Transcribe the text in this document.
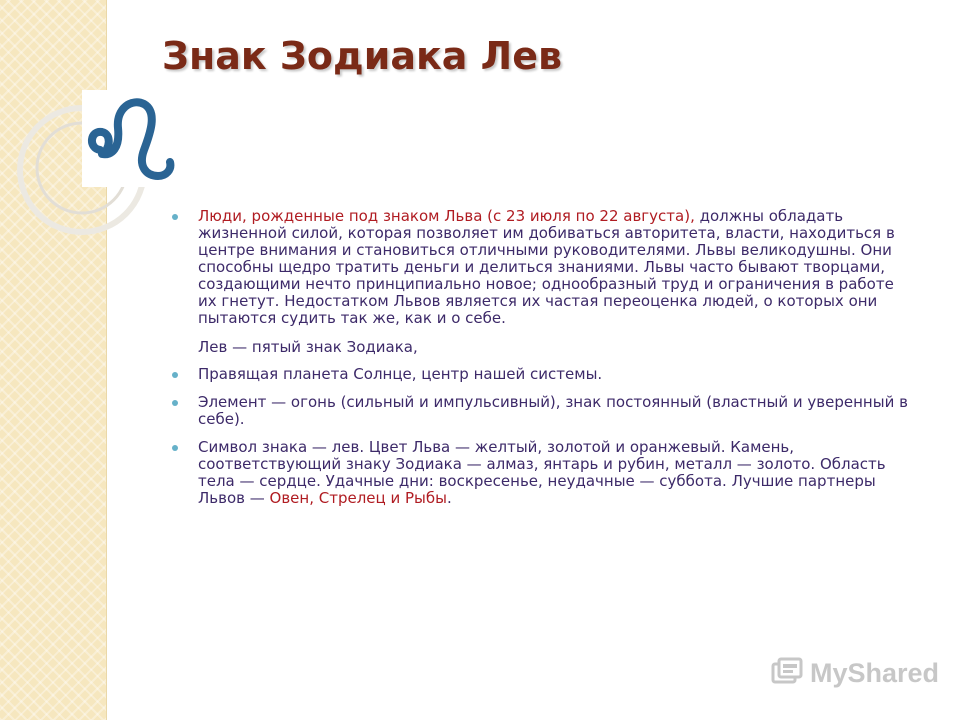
Знак Зодиака Лев
Люди, рожденные под знаком Льва (с 23 июля по 22 августа), должны обладать жизненной силой, которая позволяет им добиваться авторитета, власти, находиться в центре внимания и становиться отличными руководителями. Львы великодушны. Они способны щедро тратить деньги и делиться знаниями. Львы часто бывают творцами, создающими нечто принципиально новое; однообразный труд и ограничения в работе их гнетут. Недостатком Львов является их частая переоценка людей, о которых они пытаются судить так же, как и о себе.
Лев — пятый знак Зодиака,
Правящая планета Солнце, центр нашей системы.
Элемент — огонь (сильный и импульсивный), знак постоянный (властный и уверенный в себе).
Символ знака — лев. Цвет Льва — желтый, золотой и оранжевый. Камень, соответствующий знаку Зодиака — алмаз, янтарь и рубин, металл — золото. Область тела — сердце. Удачные дни: воскресенье, неудачные — суббота. Лучшие партнеры Львов — Овен, Стрелец и Рыбы.
MyShared
